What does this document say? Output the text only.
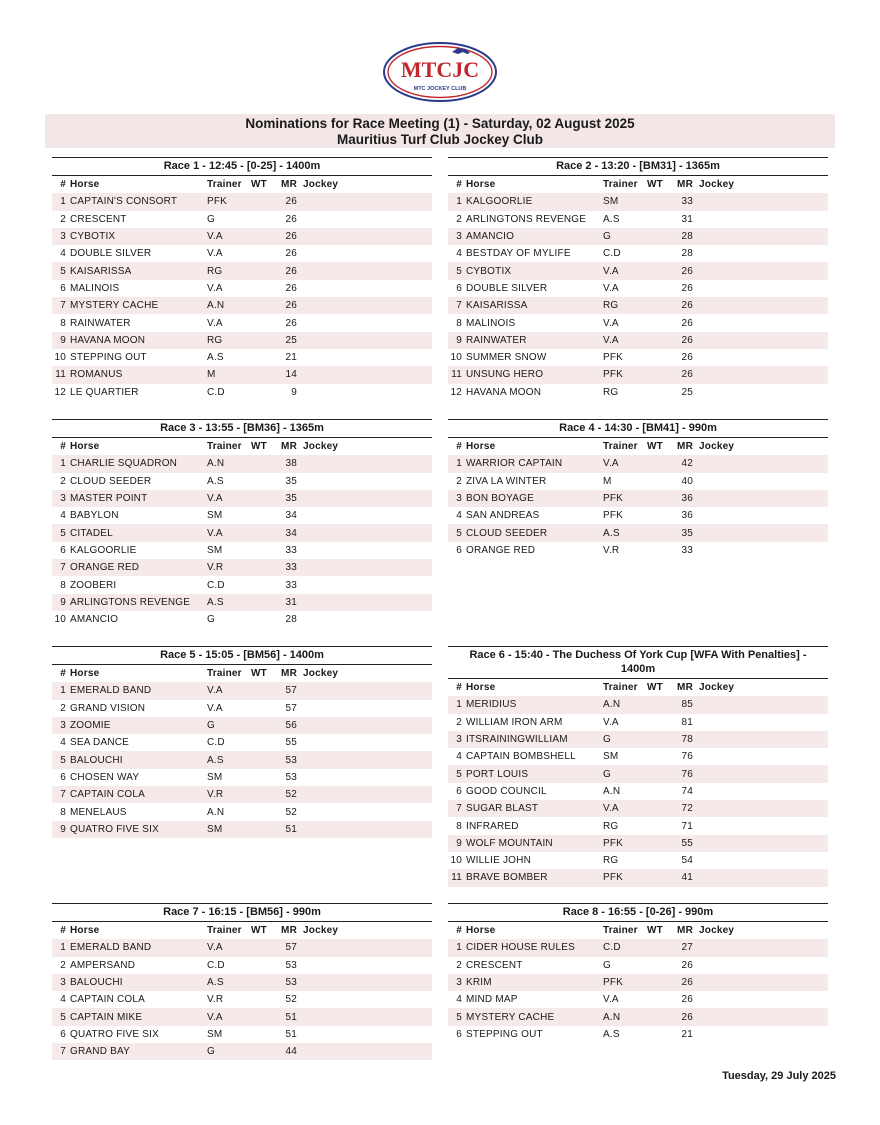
MTCJC
MTC JOCKEY CLUB
Nominations for Race Meeting (1) - Saturday, 02 August 2025
Mauritius Turf Club Jockey Club
Race 1 - 12:45 - [0-25] - 1400m
# Horse	Trainer WT	MR Jockey
1 CAPTAIN'S CONSORT	PFK	26
2 CRESCENT	G	26
3 CYBOTIX	V.A	26
4 DOUBLE SILVER	V.A	26
5 KAISARISSA	RG	26
6 MALINOIS	V.A	26
7 MYSTERY CACHE	A.N	26
8 RAINWATER	V.A	26
9 HAVANA MOON	RG	25
10 STEPPING OUT	A.S	21
11 ROMANUS	M	14
12 LE QUARTIER	C.D	9
Race 2 - 13:20 - [BM31] - 1365m
# Horse	Trainer WT	MR Jockey
1 KALGOORLIE	SM	33
2 ARLINGTONS REVENGE	A.S	31
3 AMANCIO	G	28
4 BESTDAY OF MYLIFE	C.D	28
5 CYBOTIX	V.A	26
6 DOUBLE SILVER	V.A	26
7 KAISARISSA	RG	26
8 MALINOIS	V.A	26
9 RAINWATER	V.A	26
10 SUMMER SNOW	PFK	26
11 UNSUNG HERO	PFK	26
12 HAVANA MOON	RG	25
Race 3 - 13:55 - [BM36] - 1365m
# Horse	Trainer WT	MR Jockey
1 CHARLIE SQUADRON	A.N	38
2 CLOUD SEEDER	A.S	35
3 MASTER POINT	V.A	35
4 BABYLON	SM	34
5 CITADEL	V.A	34
6 KALGOORLIE	SM	33
7 ORANGE RED	V.R	33
8 ZOOBERI	C.D	33
9 ARLINGTONS REVENGE	A.S	31
10 AMANCIO	G	28
Race 4 - 14:30 - [BM41] - 990m
# Horse	Trainer WT	MR Jockey
1 WARRIOR CAPTAIN	V.A	42
2 ZIVA LA WINTER	M	40
3 BON BOYAGE	PFK	36
4 SAN ANDREAS	PFK	36
5 CLOUD SEEDER	A.S	35
6 ORANGE RED	V.R	33
Race 5 - 15:05 - [BM56] - 1400m
# Horse	Trainer WT	MR Jockey
1 EMERALD BAND	V.A	57
2 GRAND VISION	V.A	57
3 ZOOMIE	G	56
4 SEA DANCE	C.D	55
5 BALOUCHI	A.S	53
6 CHOSEN WAY	SM	53
7 CAPTAIN COLA	V.R	52
8 MENELAUS	A.N	52
9 QUATRO FIVE SIX	SM	51
Race 6 - 15:40 - The Duchess Of York Cup [WFA With Penalties] - 1400m
# Horse	Trainer WT	MR Jockey
1 MERIDIUS	A.N	85
2 WILLIAM IRON ARM	V.A	81
3 ITSRAININGWILLIAM	G	78
4 CAPTAIN BOMBSHELL	SM	76
5 PORT LOUIS	G	76
6 GOOD COUNCIL	A.N	74
7 SUGAR BLAST	V.A	72
8 INFRARED	RG	71
9 WOLF MOUNTAIN	PFK	55
10 WILLIE JOHN	RG	54
11 BRAVE BOMBER	PFK	41
Race 7 - 16:15 - [BM56] - 990m
# Horse	Trainer WT	MR Jockey
1 EMERALD BAND	V.A	57
2 AMPERSAND	C.D	53
3 BALOUCHI	A.S	53
4 CAPTAIN COLA	V.R	52
5 CAPTAIN MIKE	V.A	51
6 QUATRO FIVE SIX	SM	51
7 GRAND BAY	G	44
Race 8 - 16:55 - [0-26] - 990m
# Horse	Trainer WT	MR Jockey
1 CIDER HOUSE RULES	C.D	27
2 CRESCENT	G	26
3 KRIM	PFK	26
4 MIND MAP	V.A	26
5 MYSTERY CACHE	A.N	26
6 STEPPING OUT	A.S	21
Tuesday, 29 July 2025
